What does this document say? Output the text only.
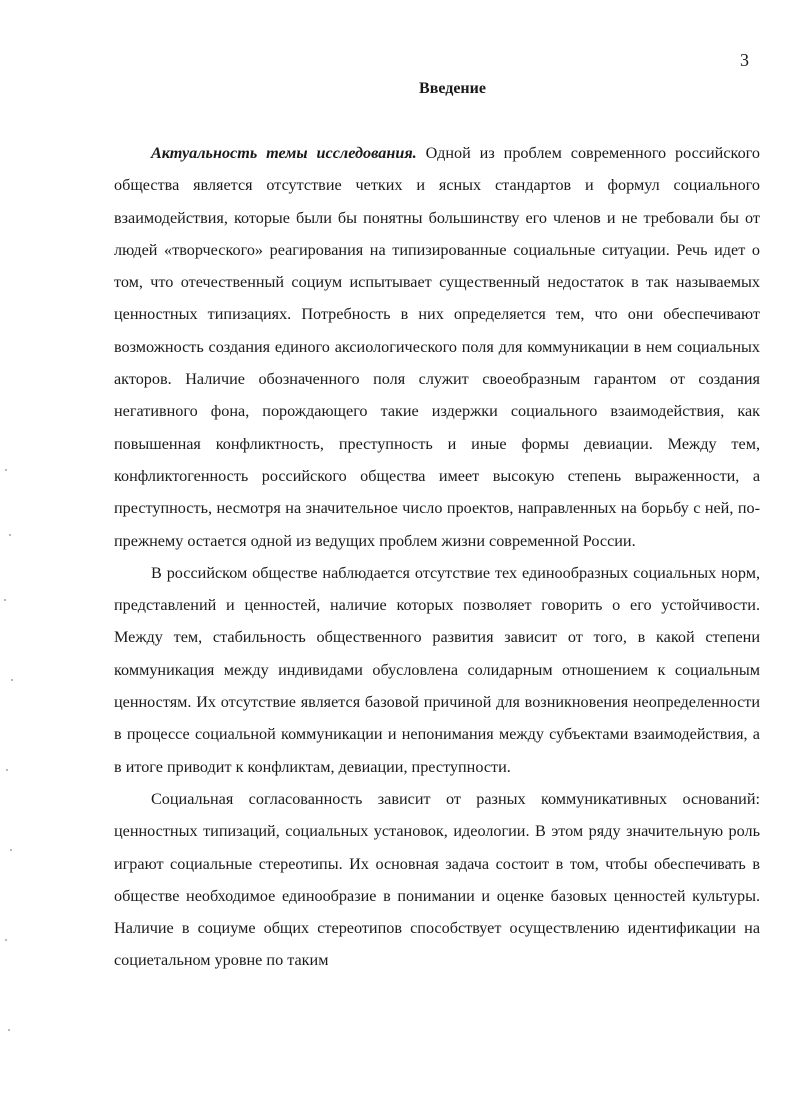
3
Введение

Актуальность темы исследования. Одной из проблем современного российского общества является отсутствие четких и ясных стандартов и формул социального взаимодействия, которые были бы понятны большинству его членов и не требовали бы от людей «творческого» реагирования на типизированные социальные ситуации. Речь идет о том, что отечественный социум испытывает существенный недостаток в так называемых ценностных типизациях. Потребность в них определяется тем, что они обеспечивают возможность создания единого аксиологического поля для коммуникации в нем социальных акторов. Наличие обозначенного поля служит своеобразным гарантом от создания негативного фона, порождающего такие издержки социального взаимодействия, как повышенная конфликтность, преступность и иные формы девиации. Между тем, конфликтогенность российского общества имеет высокую степень выраженности, а преступность, несмотря на значительное число проектов, направленных на борьбу с ней, по-прежнему остается одной из ведущих проблем жизни современной России.

В российском обществе наблюдается отсутствие тех единообразных социальных норм, представлений и ценностей, наличие которых позволяет говорить о его устойчивости. Между тем, стабильность общественного развития зависит от того, в какой степени коммуникация между индивидами обусловлена солидарным отношением к социальным ценностям. Их отсутствие является базовой причиной для возникновения неопределенности в процессе социальной коммуникации и непонимания между субъектами взаимодействия, а в итоге приводит к конфликтам, девиации, преступности.

Социальная согласованность зависит от разных коммуникативных оснований: ценностных типизаций, социальных установок, идеологии. В этом ряду значительную роль играют социальные стереотипы. Их основная задача состоит в том, чтобы обеспечивать в обществе необходимое единообразие в понимании и оценке базовых ценностей культуры. Наличие в социуме общих стереотипов способствует осуществлению идентификации на социетальном уровне по таким
